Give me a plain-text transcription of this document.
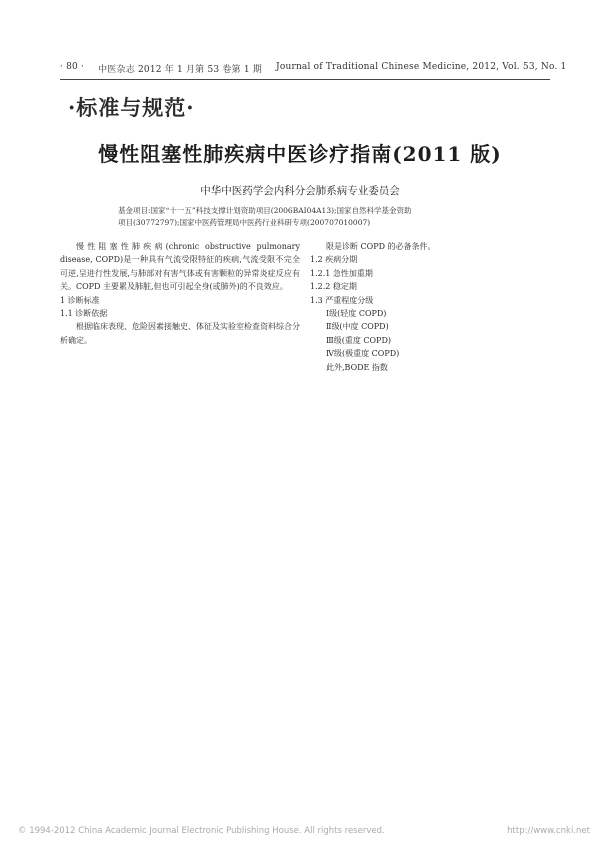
· 80 · 中医杂志 2012 年 1 月第 53 卷第 1 期 Journal of Traditional Chinese Medicine, 2012, Vol. 53, No. 1
·标准与规范·
慢性阻塞性肺疾病中医诊疗指南(2011 版)
中华中医药学会内科分会肺系病专业委员会
基金项目:国家“十一五”科技支撑计划资助项目(2006BAI04A13);国家自然科学基金资助
项目(30772797);国家中医药管理局中医药行业科研专项(200707010007)

慢性阻塞性肺疾病(chronic obstructive pulmonary disease, COPD)是一种具有气流受限特征的疾病,气流受限不完全可逆,呈进行性发展,与肺部对有害气体或有害颗粒的异常炎症反应有关。COPD 主要累及肺脏,但也可引起全身(或肺外)的不良效应。

1 诊断标准

1.1 诊断依据

根据临床表现、危险因素接触史、体征及实验室检查资料综合分析确定。

限是诊断 COPD 的必备条件。

1.2 疾病分期

1.2.1 急性加重期

1.2.2 稳定期

1.3 严重程度分级

Ⅰ级(轻度 COPD)

Ⅱ级(中度 COPD)

Ⅲ级(重度 COPD)

Ⅳ级(极重度 COPD)

此外,BODE 指数

© 1994-2012 China Academic Journal Electronic Publishing House. All rights reserved.	http://www.cnki.net
